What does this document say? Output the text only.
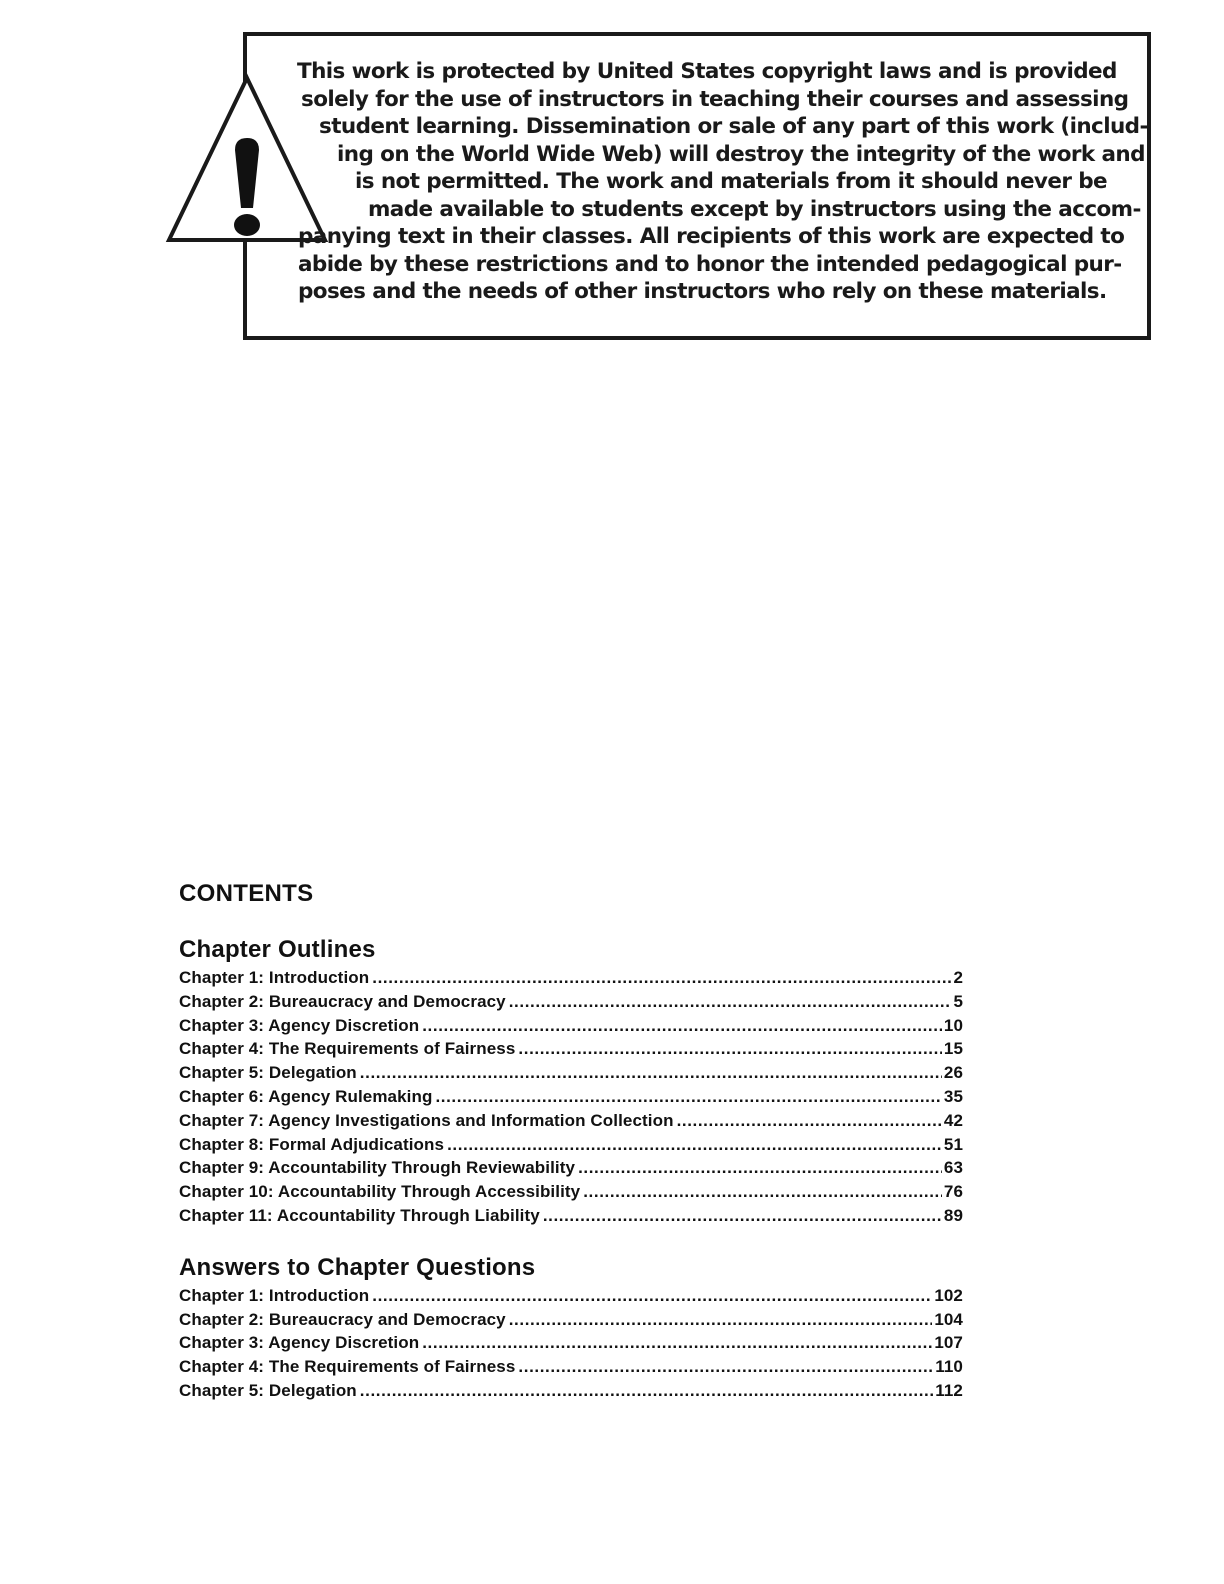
This work is protected by United States copyright laws and is provided
solely for the use of instructors in teaching their courses and assessing
student learning. Dissemination or sale of any part of this work (includ-
ing on the World Wide Web) will destroy the integrity of the work and
is not permitted. The work and materials from it should never be
made available to students except by instructors using the accom-
panying text in their classes. All recipients of this work are expected to
abide by these restrictions and to honor the intended pedagogical pur-
poses and the needs of other instructors who rely on these materials.

CONTENTS
Chapter Outlines
Chapter 1: Introduction .....	2
Chapter 2: Bureaucracy and Democracy .....	5
Chapter 3: Agency Discretion .....	10
Chapter 4: The Requirements of Fairness .....	15
Chapter 5: Delegation .....	26
Chapter 6: Agency Rulemaking .....	35
Chapter 7: Agency Investigations and Information Collection .....	42
Chapter 8: Formal Adjudications .....	51
Chapter 9: Accountability Through Reviewability .....	63
Chapter 10: Accountability Through Accessibility .....	76
Chapter 11: Accountability Through Liability .....	89
Answers to Chapter Questions
Chapter 1: Introduction .....	102
Chapter 2: Bureaucracy and Democracy .....	104
Chapter 3: Agency Discretion .....	107
Chapter 4: The Requirements of Fairness .....	110
Chapter 5: Delegation .....	112
